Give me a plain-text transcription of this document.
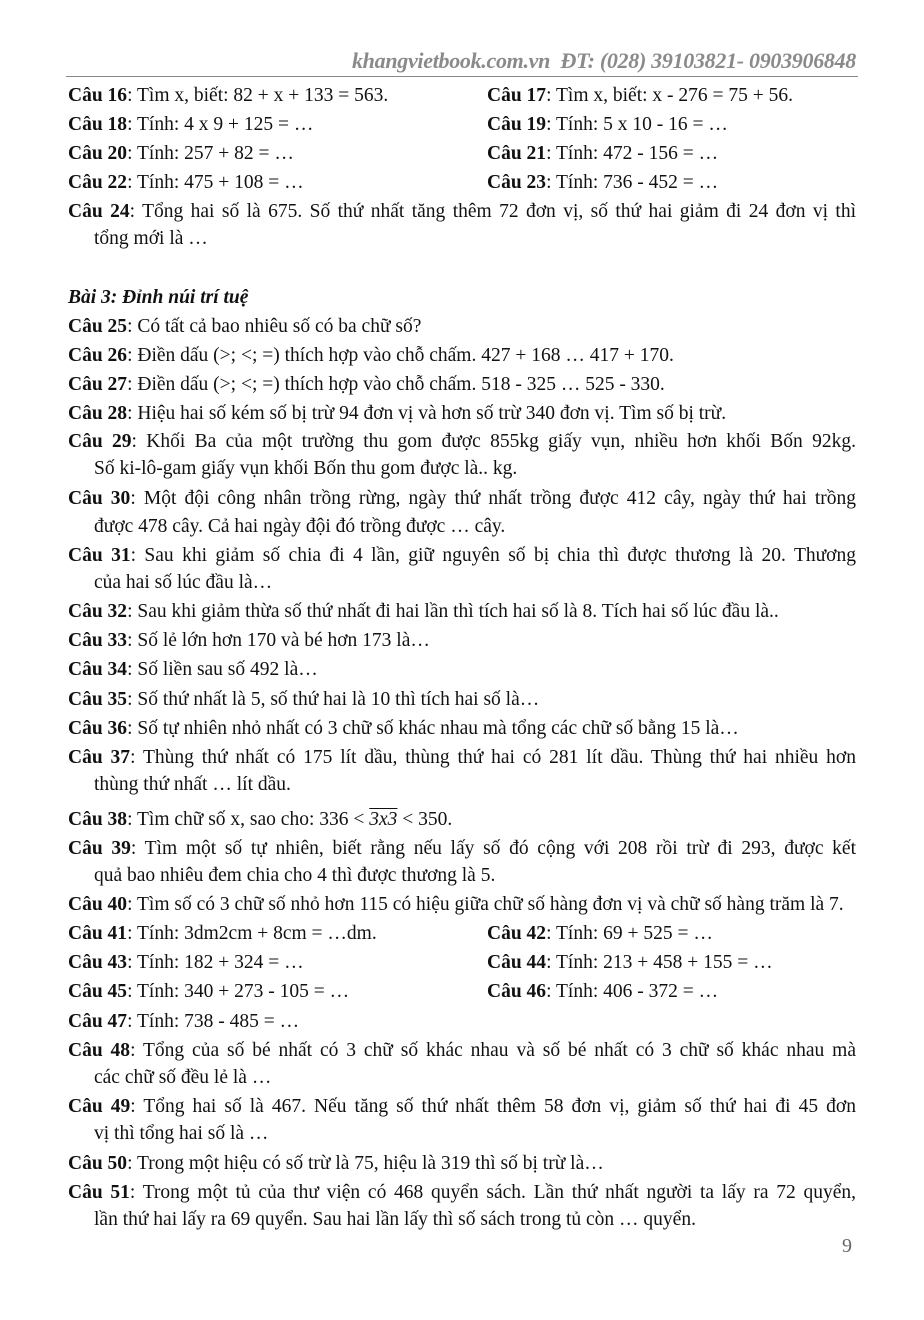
khangvietbook.com.vn ĐT: (028) 39103821- 0903906848
Câu 16: Tìm x, biết: 82 + x + 133 = 563.	Câu 17: Tìm x, biết: x - 276 = 75 + 56.
Câu 18: Tính: 4 x 9 + 125 = …	Câu 19: Tính: 5 x 10 - 16 = …
Câu 20: Tính: 257 + 82 = …	Câu 21: Tính: 472 - 156 = …
Câu 22: Tính: 475 + 108 = …	Câu 23: Tính: 736 - 452 = …
Câu 24: Tổng hai số là 675. Số thứ nhất tăng thêm 72 đơn vị, số thứ hai giảm đi 24 đơn vị thì
tổng mới là …
Câu 25: Có tất cả bao nhiêu số có ba chữ số?
Câu 26: Điền dấu (>; <; =) thích hợp vào chỗ chấm. 427 + 168 … 417 + 170.
Câu 27: Điền dấu (>; <; =) thích hợp vào chỗ chấm. 518 - 325 … 525 - 330.
Câu 28: Hiệu hai số kém số bị trừ 94 đơn vị và hơn số trừ 340 đơn vị. Tìm số bị trừ.
Câu 29: Khối Ba của một trường thu gom được 855kg giấy vụn, nhiều hơn khối Bốn 92kg.
Số ki-lô-gam giấy vụn khối Bốn thu gom được là.. kg.
Câu 30: Một đội công nhân trồng rừng, ngày thứ nhất trồng được 412 cây, ngày thứ hai trồng
được 478 cây. Cả hai ngày đội đó trồng được … cây.
Câu 31: Sau khi giảm số chia đi 4 lần, giữ nguyên số bị chia thì được thương là 20. Thương
của hai số lúc đầu là…
Câu 32: Sau khi giảm thừa số thứ nhất đi hai lần thì tích hai số là 8. Tích hai số lúc đầu là..
Câu 33: Số lẻ lớn hơn 170 và bé hơn 173 là…
Câu 34: Số liền sau số 492 là…
Câu 35: Số thứ nhất là 5, số thứ hai là 10 thì tích hai số là…
Câu 36: Số tự nhiên nhỏ nhất có 3 chữ số khác nhau mà tổng các chữ số bằng 15 là…
Câu 37: Thùng thứ nhất có 175 lít dầu, thùng thứ hai có 281 lít dầu. Thùng thứ hai nhiều hơn
thùng thứ nhất … lít dầu.
Câu 38: Tìm chữ số x, sao cho: 336 < 3x3 < 350.
Câu 39: Tìm một số tự nhiên, biết rằng nếu lấy số đó cộng với 208 rồi trừ đi 293, được kết
quả bao nhiêu đem chia cho 4 thì được thương là 5.
Câu 40: Tìm số có 3 chữ số nhỏ hơn 115 có hiệu giữa chữ số hàng đơn vị và chữ số hàng trăm là 7.
Câu 41: Tính: 3dm2cm + 8cm = …dm.	Câu 42: Tính: 69 + 525 = …
Câu 43: Tính: 182 + 324 = …	Câu 44: Tính: 213 + 458 + 155 = …
Câu 45: Tính: 340 + 273 - 105 = …	Câu 46: Tính: 406 - 372 = …
Câu 47: Tính: 738 - 485 = …
Câu 48: Tổng của số bé nhất có 3 chữ số khác nhau và số bé nhất có 3 chữ số khác nhau mà
các chữ số đều lẻ là …
Câu 49: Tổng hai số là 467. Nếu tăng số thứ nhất thêm 58 đơn vị, giảm số thứ hai đi 45 đơn
vị thì tổng hai số là …
Câu 50: Trong một hiệu có số trừ là 75, hiệu là 319 thì số bị trừ là…
Câu 51: Trong một tủ của thư viện có 468 quyển sách. Lần thứ nhất người ta lấy ra 72 quyển,
lần thứ hai lấy ra 69 quyển. Sau hai lần lấy thì số sách trong tủ còn … quyển.
Bài 3: Đỉnh núi trí tuệ
9
